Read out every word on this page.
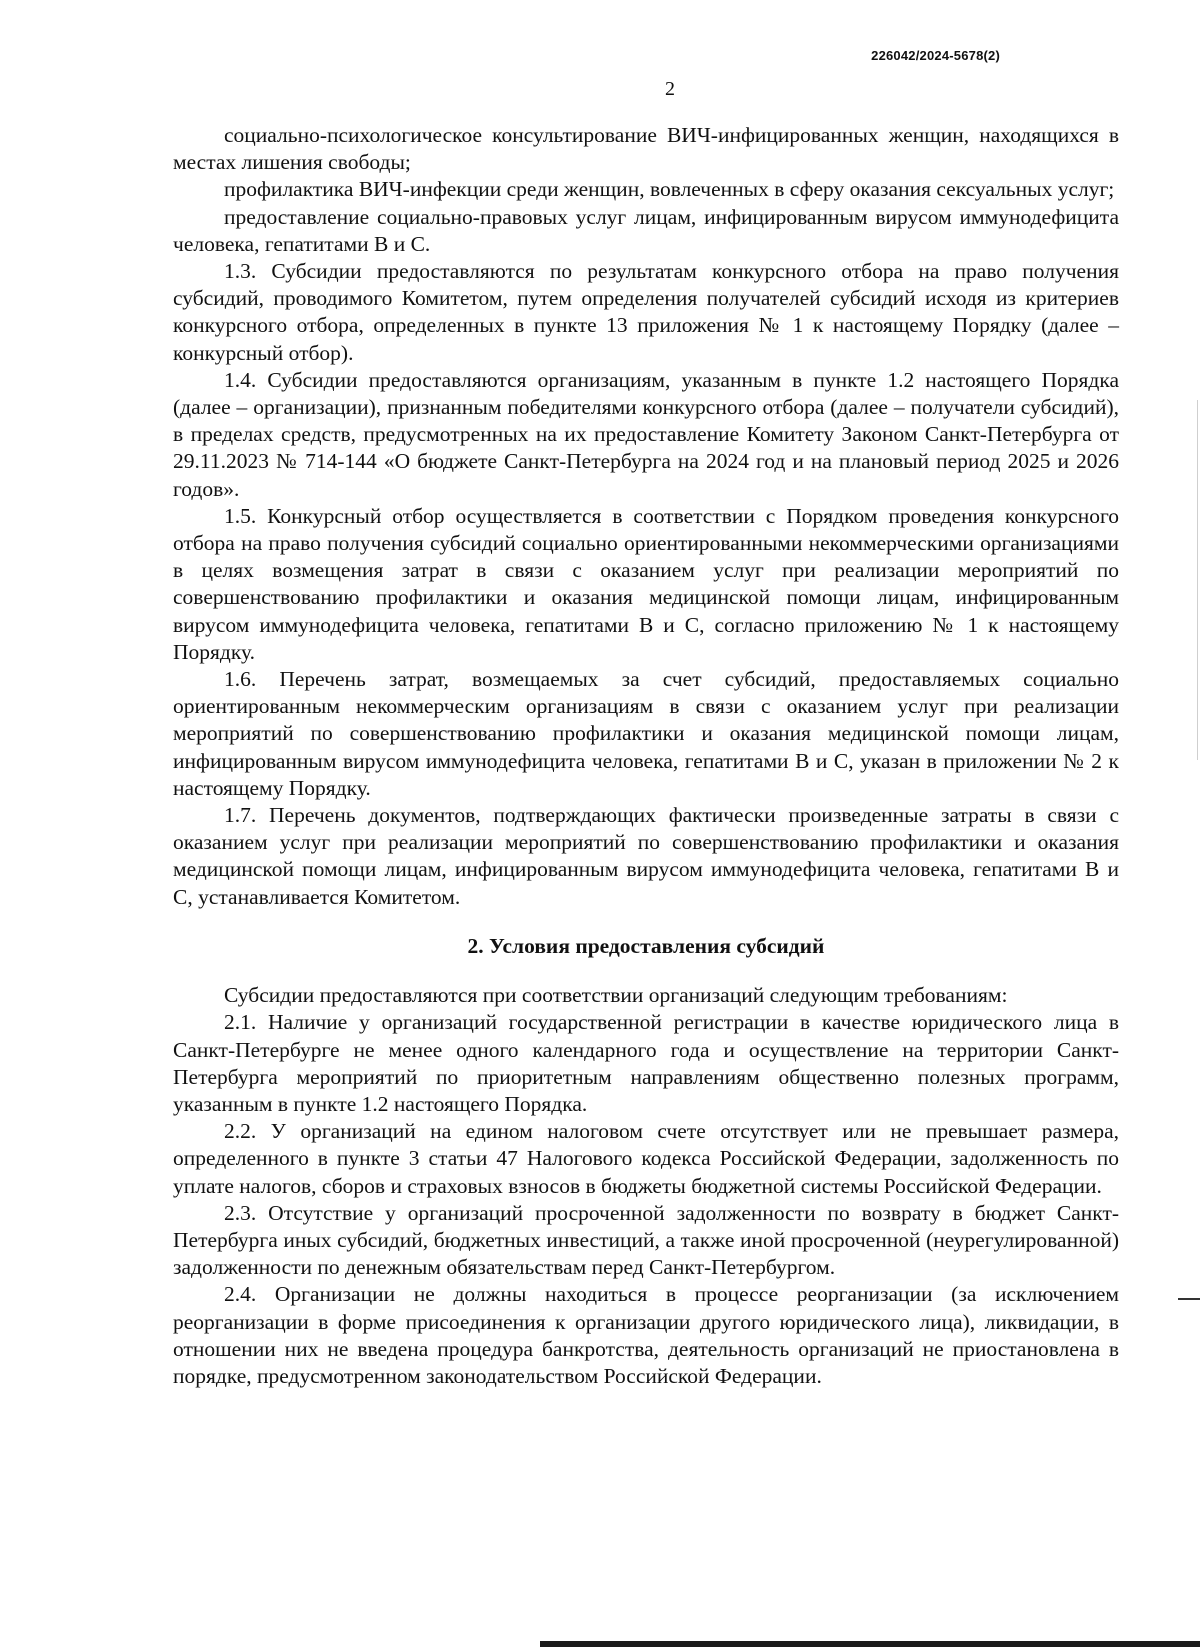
226042/2024-5678(2)
2

социально-психологическое консультирование ВИЧ-инфицированных женщин, находящихся в местах лишения свободы;

профилактика ВИЧ-инфекции среди женщин, вовлеченных в сферу оказания сексуальных услуг;

предоставление социально-правовых услуг лицам, инфицированным вирусом иммунодефицита человека, гепатитами В и С.

1.3. Субсидии предоставляются по результатам конкурсного отбора на право получения субсидий, проводимого Комитетом, путем определения получателей субсидий исходя из критериев конкурсного отбора, определенных в пункте 13 приложения № 1 к настоящему Порядку (далее – конкурсный отбор).

1.4. Субсидии предоставляются организациям, указанным в пункте 1.2 настоящего Порядка (далее – организации), признанным победителями конкурсного отбора (далее – получатели субсидий), в пределах средств, предусмотренных на их предоставление Комитету Законом Санкт-Петербурга от 29.11.2023 № 714-144 «О бюджете Санкт-Петербурга на 2024 год и на плановый период 2025 и 2026 годов».

1.5. Конкурсный отбор осуществляется в соответствии с Порядком проведения конкурсного отбора на право получения субсидий социально ориентированными некоммерческими организациями в целях возмещения затрат в связи с оказанием услуг при реализации мероприятий по совершенствованию профилактики и оказания медицинской помощи лицам, инфицированным вирусом иммунодефицита человека, гепатитами В и С, согласно приложению № 1 к настоящему Порядку.

1.6. Перечень затрат, возмещаемых за счет субсидий, предоставляемых социально ориентированным некоммерческим организациям в связи с оказанием услуг при реализации мероприятий по совершенствованию профилактики и оказания медицинской помощи лицам, инфицированным вирусом иммунодефицита человека, гепатитами В и С, указан в приложении № 2 к настоящему Порядку.

1.7. Перечень документов, подтверждающих фактически произведенные затраты в связи с оказанием услуг при реализации мероприятий по совершенствованию профилактики и оказания медицинской помощи лицам, инфицированным вирусом иммунодефицита человека, гепатитами В и С, устанавливается Комитетом.

2. Условия предоставления субсидий

Субсидии предоставляются при соответствии организаций следующим требованиям:

2.1. Наличие у организаций государственной регистрации в качестве юридического лица в Санкт-Петербурге не менее одного календарного года и осуществление на территории Санкт-Петербурга мероприятий по приоритетным направлениям общественно полезных программ, указанным в пункте 1.2 настоящего Порядка.

2.2. У организаций на едином налоговом счете отсутствует или не превышает размера, определенного в пункте 3 статьи 47 Налогового кодекса Российской Федерации, задолженность по уплате налогов, сборов и страховых взносов в бюджеты бюджетной системы Российской Федерации.

2.3. Отсутствие у организаций просроченной задолженности по возврату в бюджет Санкт-Петербурга иных субсидий, бюджетных инвестиций, а также иной просроченной (неурегулированной) задолженности по денежным обязательствам перед Санкт-Петербургом.

2.4. Организации не должны находиться в процессе реорганизации (за исключением реорганизации в форме присоединения к организации другого юридического лица), ликвидации, в отношении них не введена процедура банкротства, деятельность организаций не приостановлена в порядке, предусмотренном законодательством Российской Федерации.
